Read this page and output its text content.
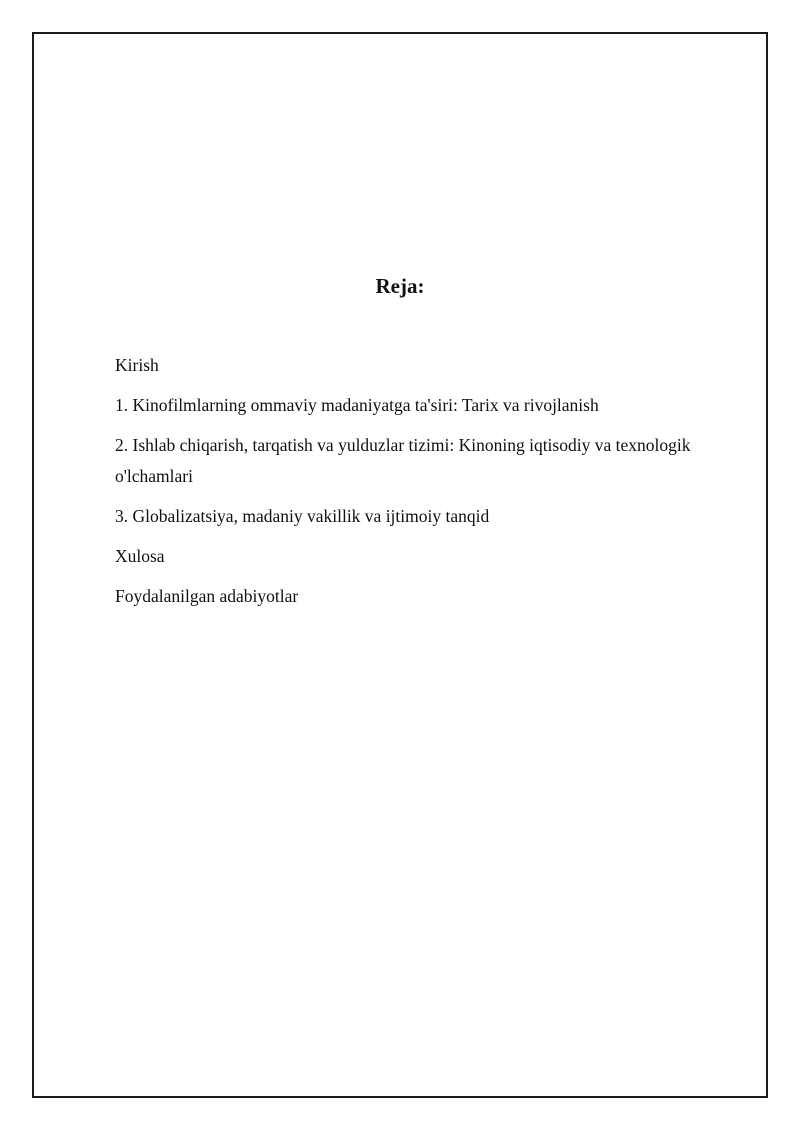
Reja:
Kirish
1. Kinofilmlarning ommaviy madaniyatga ta'siri: Tarix va rivojlanish
2. Ishlab chiqarish, tarqatish va yulduzlar tizimi: Kinoning iqtisodiy va texnologik o'lchamlari
3. Globalizatsiya, madaniy vakillik va ijtimoiy tanqid
Xulosa
Foydalanilgan adabiyotlar
